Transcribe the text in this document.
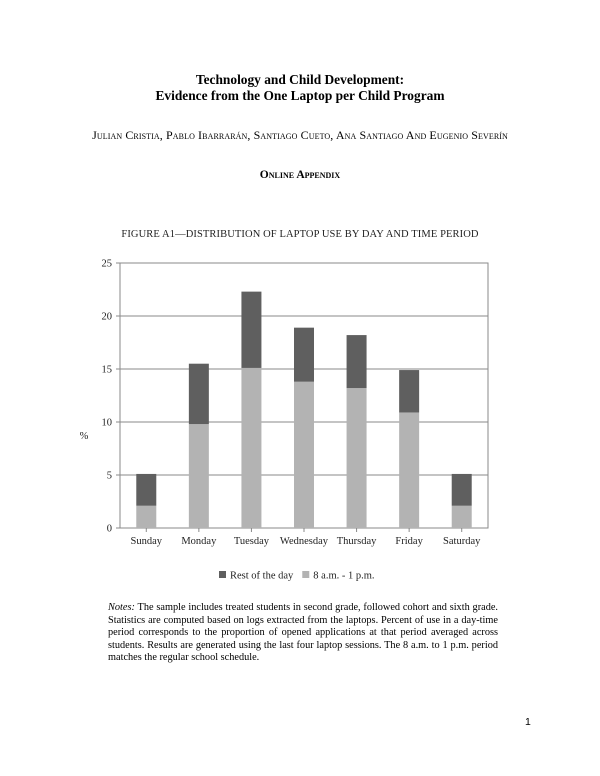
Technology and Child Development:
Evidence from the One Laptop per Child Program
Julian Cristia, Pablo Ibarrarán, Santiago Cueto, Ana Santiago And Eugenio Severín
Online Appendix
FIGURE A1—DISTRIBUTION OF LAPTOP USE BY DAY AND TIME PERIOD
0
5
10
15
20
25
%
Sunday Monday Tuesday Wednesday Thursday Friday Saturday
Rest of the day 8 a.m. - 1 p.m.
Notes: The sample includes treated students in second grade, followed cohort and sixth grade. Statistics are computed based on logs extracted from the laptops. Percent of use in a day-time period corresponds to the proportion of opened applications at that period averaged across students. Results are generated using the last four laptop sessions. The 8 a.m. to 1 p.m. period matches the regular school schedule.
1
